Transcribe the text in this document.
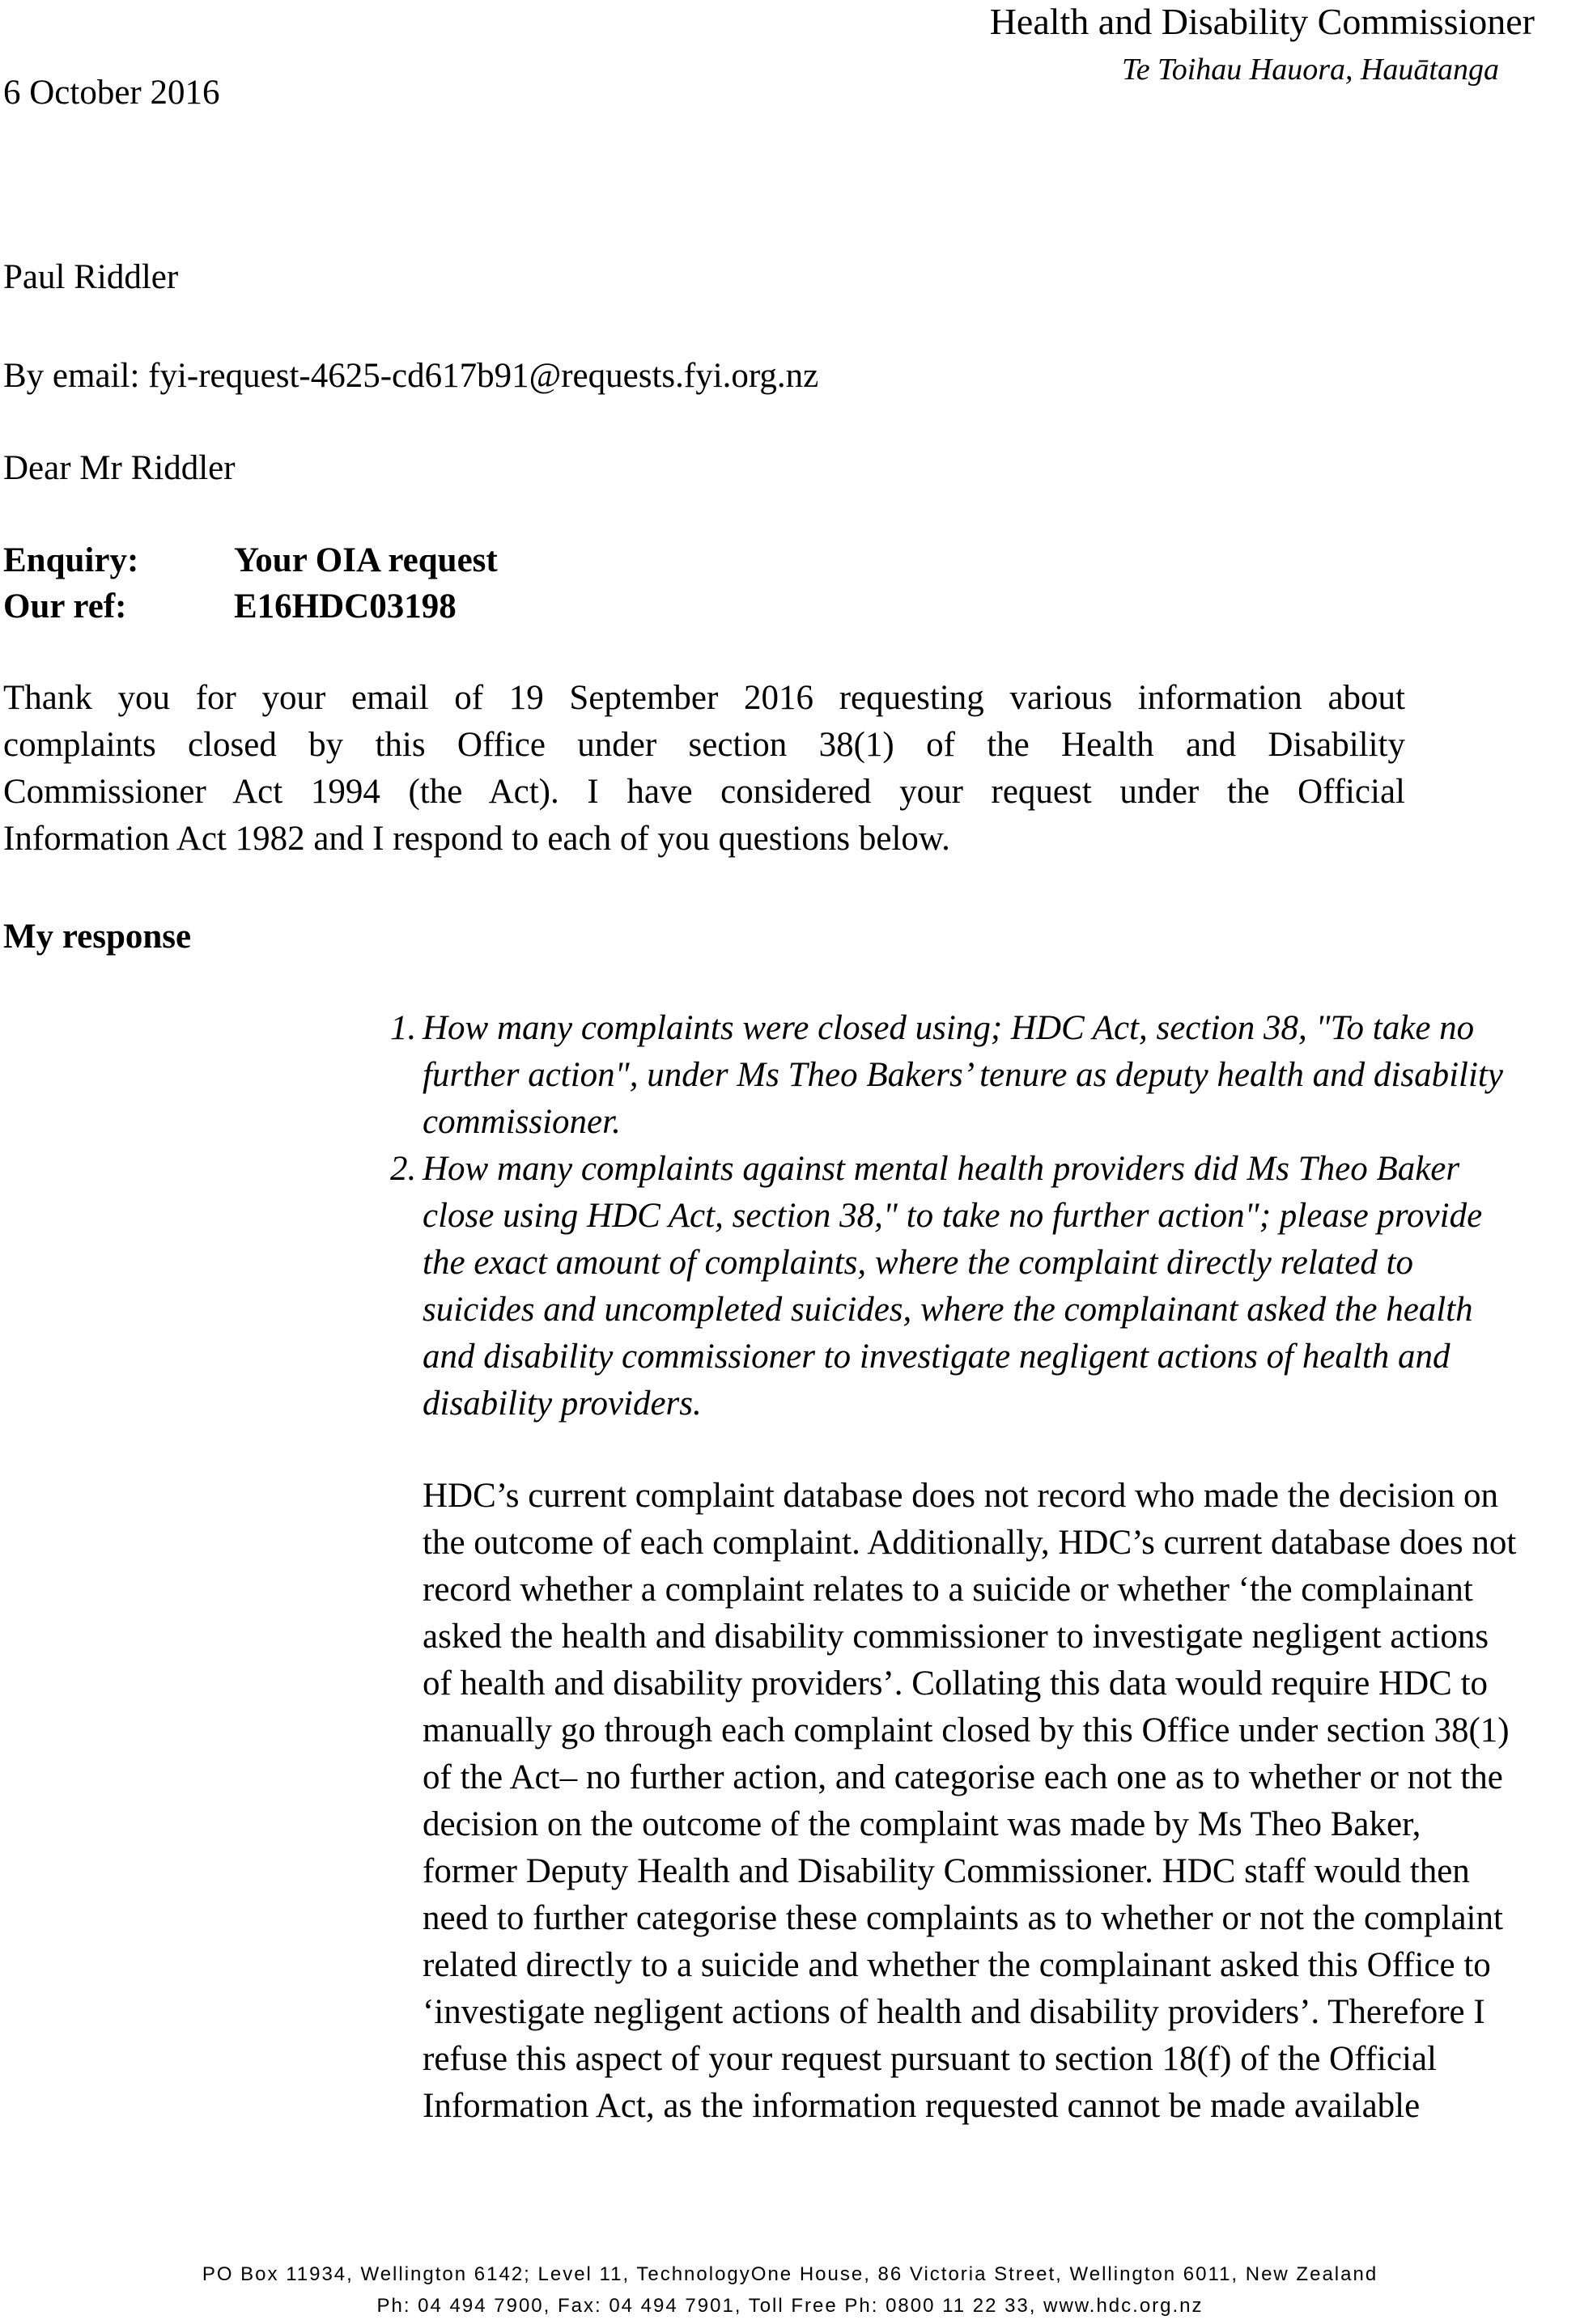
Health and Disability Commissioner
Te Toihau Hauora, Hauātanga
6 October 2016
Paul Riddler
By email: fyi-request-4625-cd617b91@requests.fyi.org.nz
Dear Mr Riddler
Enquiry:	Your OIA request
Our ref:	E16HDC03198
Thank you for your email of 19 September 2016 requesting various information about
complaints closed by this Office under section 38(1) of the Health and Disability
Commissioner Act 1994 (the Act). I have considered your request under the Official
Information Act 1982 and I respond to each of you questions below.
My response
1. How many complaints were closed using; HDC Act, section 38, "To take no
further action", under Ms Theo Bakers’ tenure as deputy health and disability
commissioner.
2. How many complaints against mental health providers did Ms Theo Baker
close using HDC Act, section 38," to take no further action"; please provide
the exact amount of complaints, where the complaint directly related to
suicides and uncompleted suicides, where the complainant asked the health
and disability commissioner to investigate negligent actions of health and
disability providers.
HDC’s current complaint database does not record who made the decision on
the outcome of each complaint. Additionally, HDC’s current database does not
record whether a complaint relates to a suicide or whether ‘the complainant
asked the health and disability commissioner to investigate negligent actions
of health and disability providers’. Collating this data would require HDC to
manually go through each complaint closed by this Office under section 38(1)
of the Act– no further action, and categorise each one as to whether or not the
decision on the outcome of the complaint was made by Ms Theo Baker,
former Deputy Health and Disability Commissioner. HDC staff would then
need to further categorise these complaints as to whether or not the complaint
related directly to a suicide and whether the complainant asked this Office to
‘investigate negligent actions of health and disability providers’. Therefore I
refuse this aspect of your request pursuant to section 18(f) of the Official
Information Act, as the information requested cannot be made available
PO Box 11934, Wellington 6142; Level 11, TechnologyOne House, 86 Victoria Street, Wellington 6011, New Zealand
Ph: 04 494 7900, Fax: 04 494 7901, Toll Free Ph: 0800 11 22 33, www.hdc.org.nz
